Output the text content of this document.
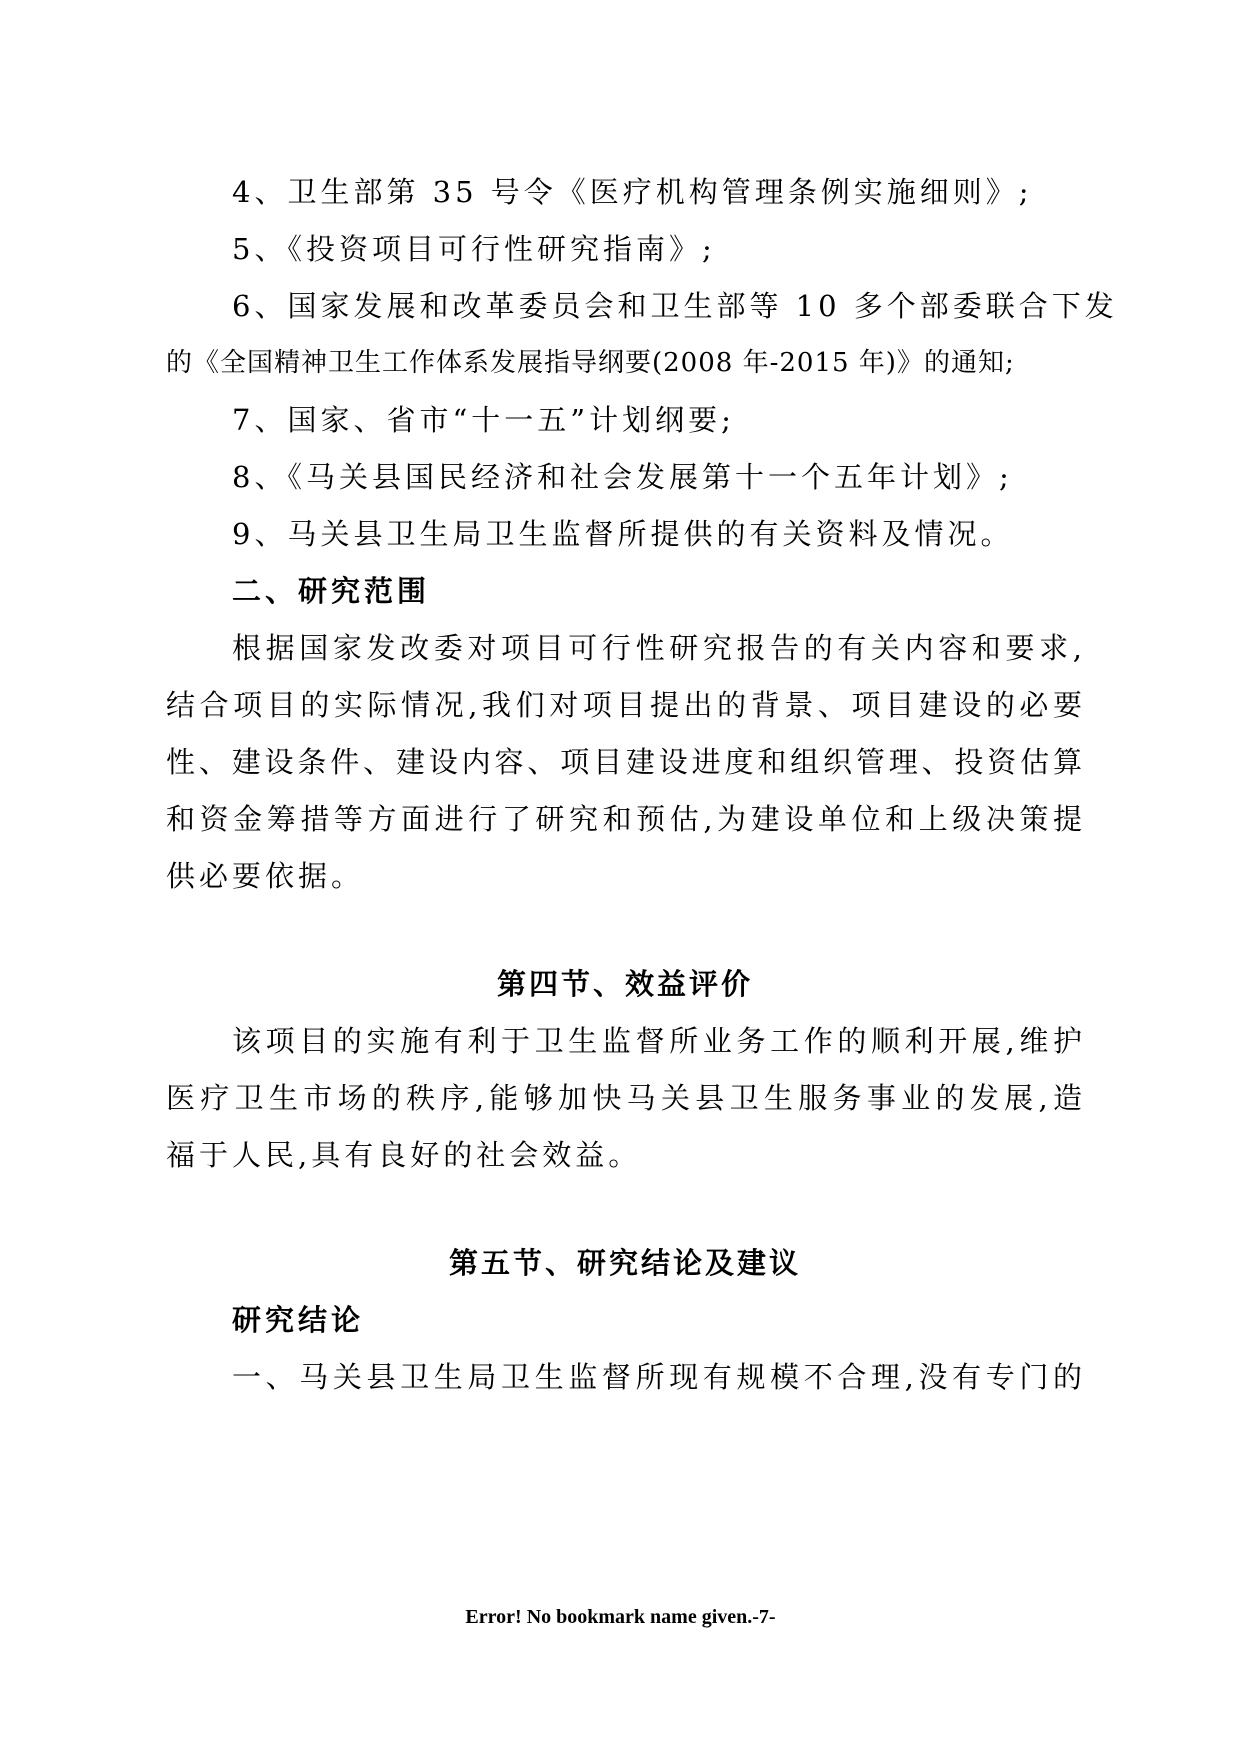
4、卫生部第 35 号令《医疗机构管理条例实施细则》;
5、《投资项目可行性研究指南》;
6、国家发展和改革委员会和卫生部等 10 多个部委联合下发
的《全国精神卫生工作体系发展指导纲要(2008 年-2015 年)》的通知;
7、国家、省市“十一五”计划纲要;
8、《马关县国民经济和社会发展第十一个五年计划》;
9、马关县卫生局卫生监督所提供的有关资料及情况。
二、研究范围
根据国家发改委对项目可行性研究报告的有关内容和要求,
结合项目的实际情况,我们对项目提出的背景、项目建设的必要
性、建设条件、建设内容、项目建设进度和组织管理、投资估算
和资金筹措等方面进行了研究和预估,为建设单位和上级决策提
供必要依据。
第四节、效益评价
该项目的实施有利于卫生监督所业务工作的顺利开展,维护
医疗卫生市场的秩序,能够加快马关县卫生服务事业的发展,造
福于人民,具有良好的社会效益。
第五节、研究结论及建议
研究结论
一、马关县卫生局卫生监督所现有规模不合理,没有专门的
Error! No bookmark name given.-7-
